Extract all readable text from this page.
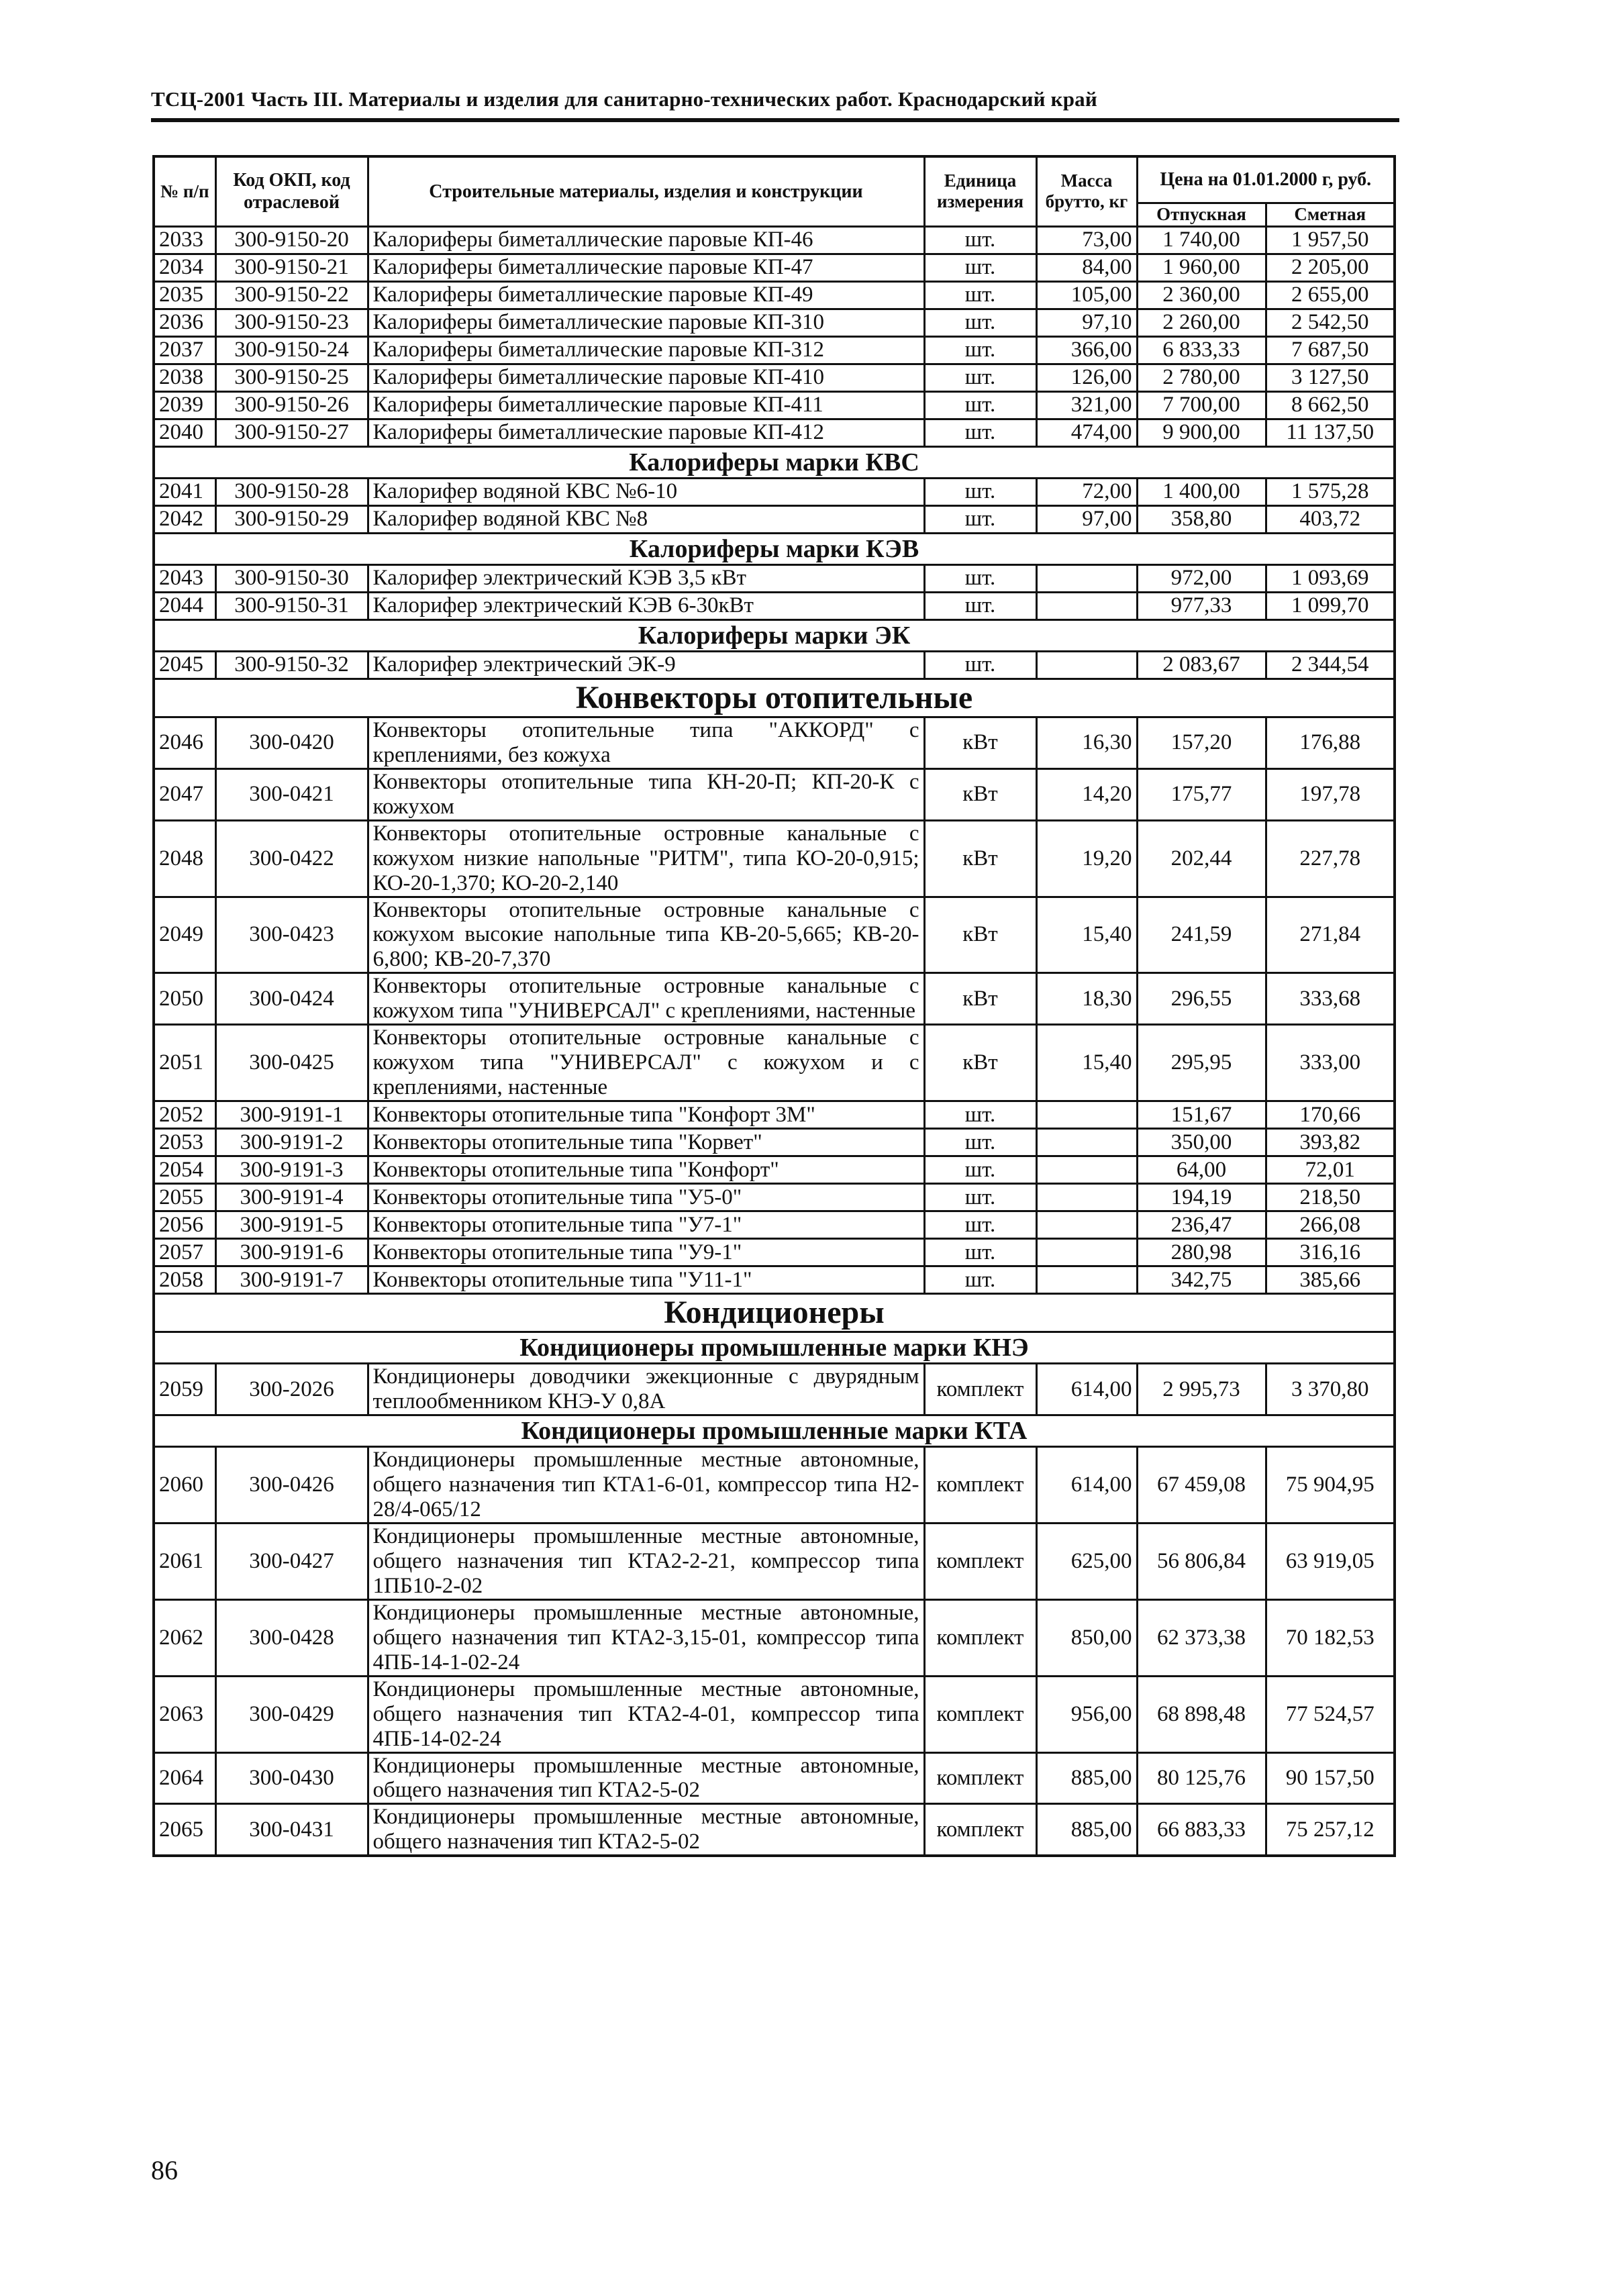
ТСЦ-2001 Часть III. Материалы и изделия для санитарно-технических работ. Краснодарский край
№ п/п	Код ОКП, код отраслевой	Строительные материалы, изделия и конструкции	Единица измерения	Масса брутто, кг	Цена на 01.01.2000 г, руб.	
					Отпускная	Сметная
2033	300-9150-20	Калориферы биметаллические паровые КП-46	шт.	73,00	1 740,00	1 957,50
2034	300-9150-21	Калориферы биметаллические паровые КП-47	шт.	84,00	1 960,00	2 205,00
2035	300-9150-22	Калориферы биметаллические паровые КП-49	шт.	105,00	2 360,00	2 655,00
2036	300-9150-23	Калориферы биметаллические паровые КП-310	шт.	97,10	2 260,00	2 542,50
2037	300-9150-24	Калориферы биметаллические паровые КП-312	шт.	366,00	6 833,33	7 687,50
2038	300-9150-25	Калориферы биметаллические паровые КП-410	шт.	126,00	2 780,00	3 127,50
2039	300-9150-26	Калориферы биметаллические паровые КП-411	шт.	321,00	7 700,00	8 662,50
2040	300-9150-27	Калориферы биметаллические паровые КП-412	шт.	474,00	9 900,00	11 137,50
Калориферы марки КВС						
2041	300-9150-28	Калорифер водяной КВС №6-10	шт.	72,00	1 400,00	1 575,28
2042	300-9150-29	Калорифер водяной КВС №8	шт.	97,00	358,80	403,72
Калориферы марки КЭВ						
2043	300-9150-30	Калорифер электрический КЭВ 3,5 кВт	шт.		972,00	1 093,69
2044	300-9150-31	Калорифер электрический КЭВ 6-30кВт	шт.		977,33	1 099,70
Калориферы марки ЭК						
2045	300-9150-32	Калорифер электрический ЭК-9	шт.		2 083,67	2 344,54
Конвекторы отопительные						
2046	300-0420	Конвекторы отопительные типа "АККОРД" с креплениями, без кожуха	кВт	16,30	157,20	176,88
2047	300-0421	Конвекторы отопительные типа КН-20-П; КП-20-К с кожухом	кВт	14,20	175,77	197,78
2048	300-0422	Конвекторы отопительные островные канальные с кожухом низкие напольные "РИТМ", типа КО-20-0,915; КО-20-1,370; КО-20-2,140	кВт	19,20	202,44	227,78
2049	300-0423	Конвекторы отопительные островные канальные с кожухом высокие напольные типа КВ-20-5,665; КВ-20-6,800; КВ-20-7,370	кВт	15,40	241,59	271,84
2050	300-0424	Конвекторы отопительные островные канальные с кожухом типа "УНИВЕРСАЛ" с креплениями, настенные	кВт	18,30	296,55	333,68
2051	300-0425	Конвекторы отопительные островные канальные с кожухом типа "УНИВЕРСАЛ" с кожухом и с креплениями, настенные	кВт	15,40	295,95	333,00
2052	300-9191-1	Конвекторы отопительные типа "Конфорт 3М"	шт.		151,67	170,66
2053	300-9191-2	Конвекторы отопительные типа "Корвет"	шт.		350,00	393,82
2054	300-9191-3	Конвекторы отопительные типа "Конфорт"	шт.		64,00	72,01
2055	300-9191-4	Конвекторы отопительные типа "У5-0"	шт.		194,19	218,50
2056	300-9191-5	Конвекторы отопительные типа "У7-1"	шт.		236,47	266,08
2057	300-9191-6	Конвекторы отопительные типа "У9-1"	шт.		280,98	316,16
2058	300-9191-7	Конвекторы отопительные типа "У11-1"	шт.		342,75	385,66
Кондиционеры						
Кондиционеры промышленные марки КНЭ						
2059	300-2026	Кондиционеры доводчики эжекционные с двурядным теплообменником КНЭ-У 0,8А	комплект	614,00	2 995,73	3 370,80
Кондиционеры промышленные марки КТА						
2060	300-0426	Кондиционеры промышленные местные автономные, общего назначения тип КТА1-6-01, компрессор типа Н2-28/4-065/12	комплект	614,00	67 459,08	75 904,95
2061	300-0427	Кондиционеры промышленные местные автономные, общего назначения тип КТА2-2-21, компрессор типа 1ПБ10-2-02	комплект	625,00	56 806,84	63 919,05
2062	300-0428	Кондиционеры промышленные местные автономные, общего назначения тип КТА2-3,15-01, компрессор типа 4ПБ-14-1-02-24	комплект	850,00	62 373,38	70 182,53
2063	300-0429	Кондиционеры промышленные местные автономные, общего назначения тип КТА2-4-01, компрессор типа 4ПБ-14-02-24	комплект	956,00	68 898,48	77 524,57
2064	300-0430	Кондиционеры промышленные местные автономные, общего назначения тип КТА2-5-02	комплект	885,00	80 125,76	90 157,50
2065	300-0431	Кондиционеры промышленные местные автономные, общего назначения тип КТА2-5-02	комплект	885,00	66 883,33	75 257,12
86
